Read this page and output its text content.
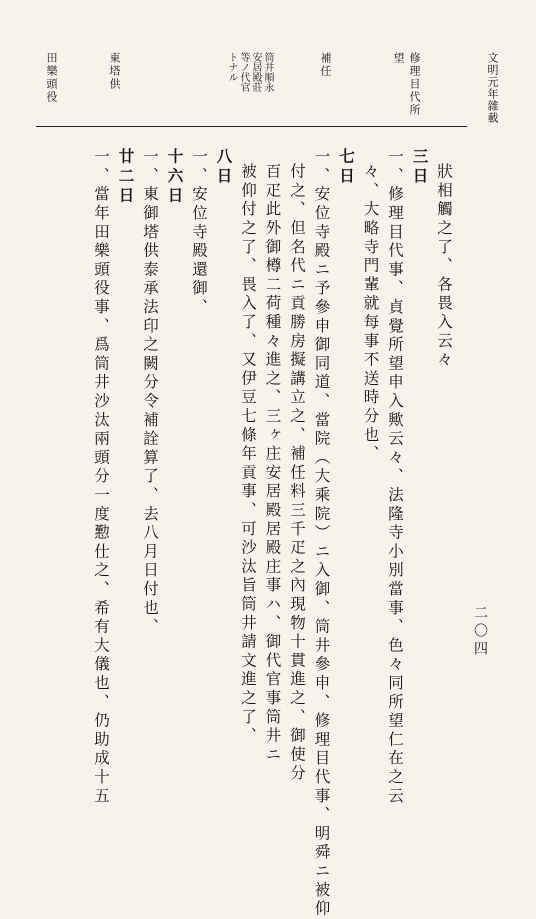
文明元年雜載
二〇四
修理目代所望
補任
筒井順永
安居殿莊
等ノ代官
トナル
東塔供
田樂頭役

狀相觸之了、各畏入云々

三日

一、修理目代事、貞覺所望申入歟云々、法隆寺小別當事、色々同所望仁在之云

々、大略寺門輩就每事不送時分也、

七日

一、安位寺殿ニ予參申御同道、當院（大乘院）ニ入御、筒井參申、修理目代事、明舜ニ被仰

付之、但名代ニ貢勝房擬講立之、補任料三千疋之內現物十貫進之、御使分

百疋此外御樽二荷種々進之、三ヶ庄安居殿居殿庄事ハ、御代官事筒井ニ

被仰付之了、畏入了、又伊豆七條年貢事、可沙汰旨筒井請文進之了、

八日

一、安位寺殿還御、

十六日

一、東御塔供泰承法印之闕分令補詮算了、去八月日付也、

廿二日

一、當年田樂頭役事、爲筒井沙汰兩頭分一度懃仕之、希有大儀也、仍助成十五
